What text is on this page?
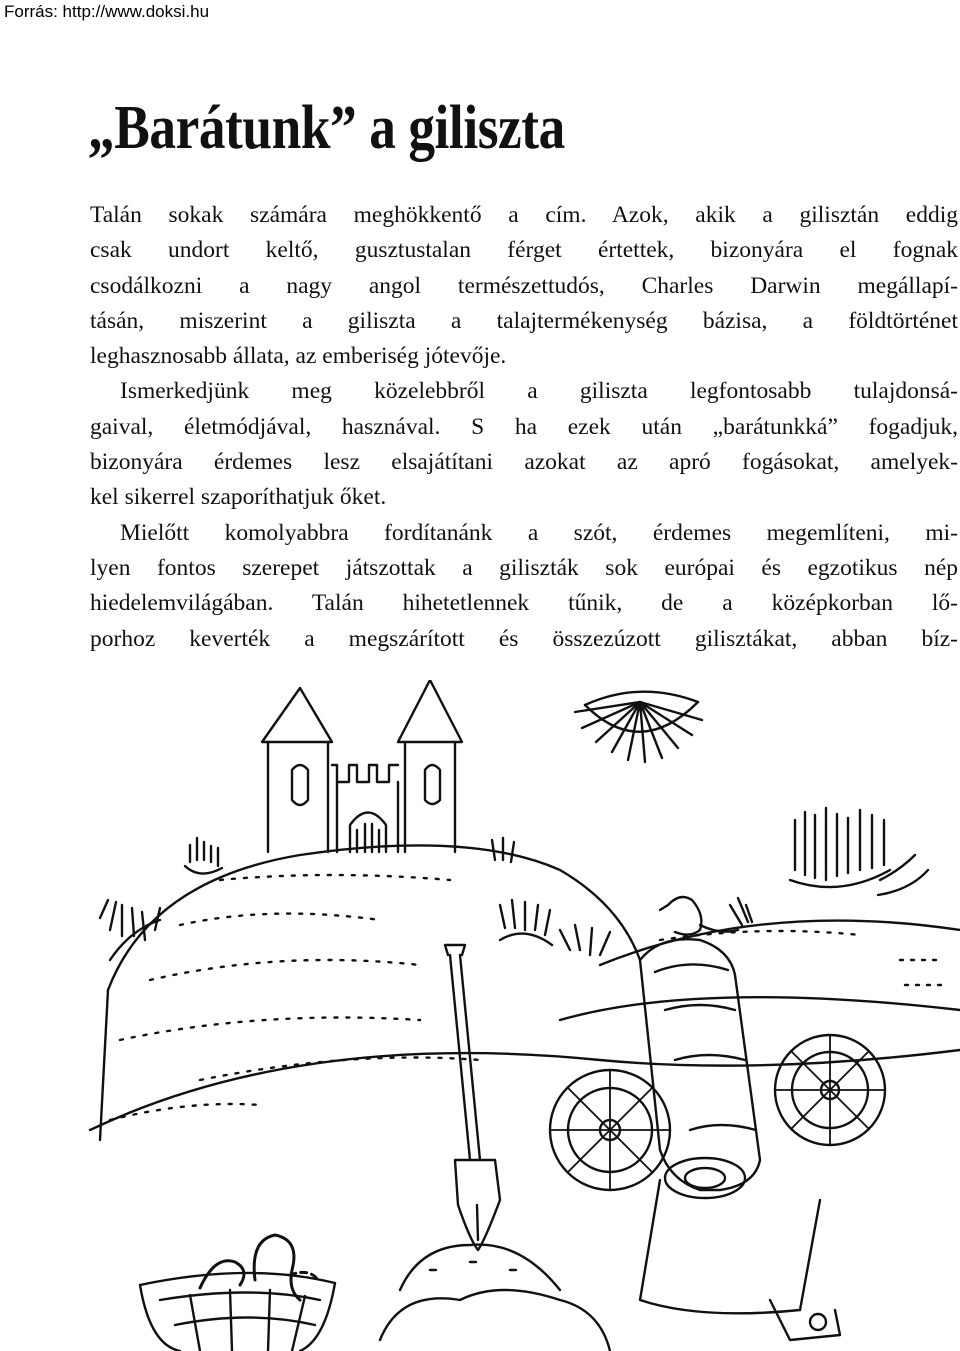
Forrás: http://www.doksi.hu
„Barátunk” a giliszta
Talán sokak számára meghökkentő a cím. Azok, akik a gilisztán eddig
csak undort keltő, gusztustalan férget értettek, bizonyára el fognak
csodálkozni a nagy angol természettudós, Charles Darwin megállapí-
tásán, miszerint a giliszta a talajtermékenység bázisa, a földtörténet
leghasznosabb állata, az emberiség jótevője.
Ismerkedjünk meg közelebbről a giliszta legfontosabb tulajdonsá-
gaival, életmódjával, hasznával. S ha ezek után „barátunkká” fogadjuk,
bizonyára érdemes lesz elsajátítani azokat az apró fogásokat, amelyek-
kel sikerrel szaporíthatjuk őket.
Mielőtt komolyabbra fordítanánk a szót, érdemes megemlíteni, mi-
lyen fontos szerepet játszottak a giliszták sok európai és egzotikus nép
hiedelemvilágában. Talán hihetetlennek tűnik, de a középkorban lő-
porhoz keverték a megszárított és összezúzott gilisztákat, abban bíz-
